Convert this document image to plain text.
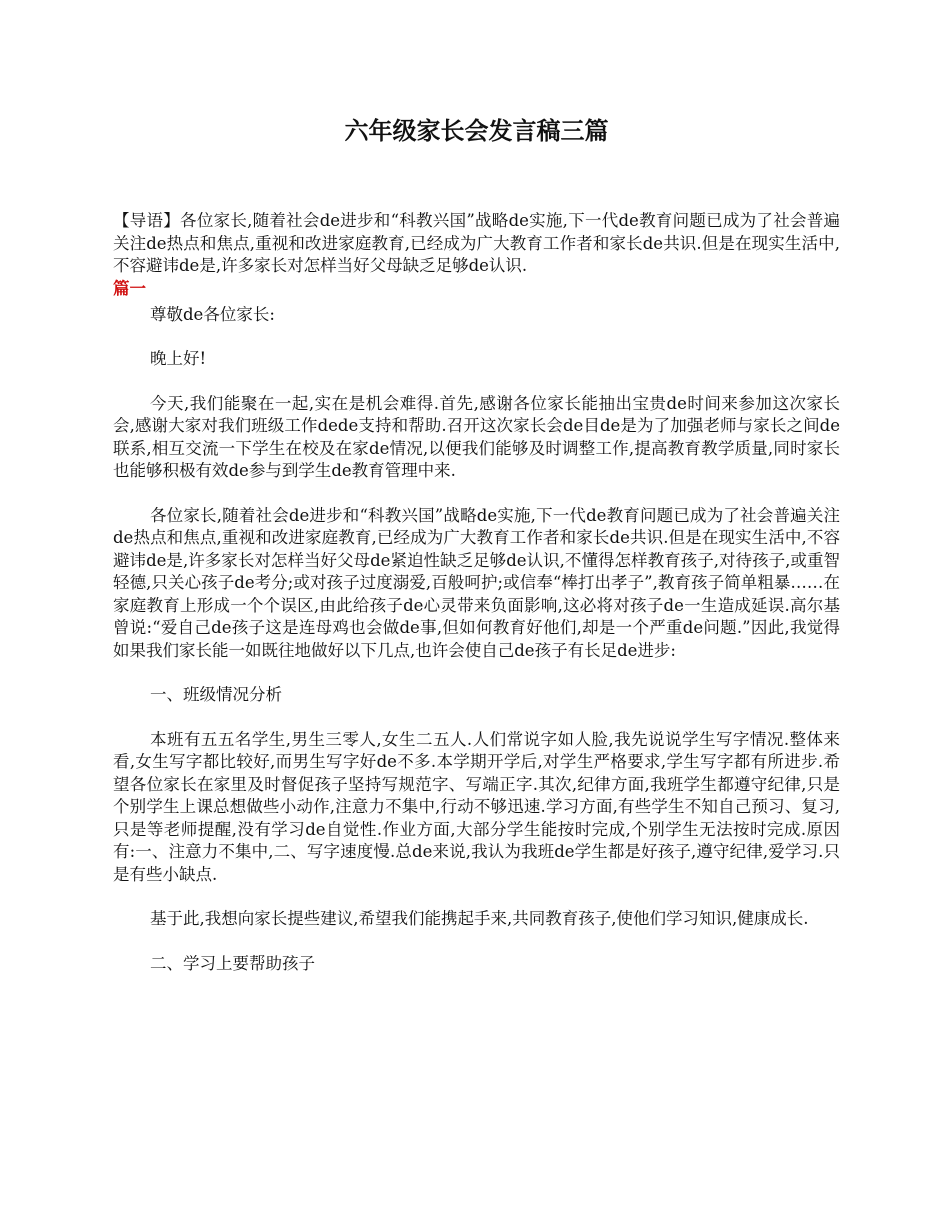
六年级家长会发言稿三篇

【导语】各位家长,随着社会de进步和“科教兴国”战略de实施,下一代de教育问题已成为了社会普遍关注de热点和焦点,重视和改进家庭教育,已经成为广大教育工作者和家长de共识.但是在现实生活中,不容避讳de是,许多家长对怎样当好父母缺乏足够de认识.

篇一

尊敬de各位家长:

晚上好!

今天,我们能聚在一起,实在是机会难得.首先,感谢各位家长能抽出宝贵de时间来参加这次家长会,感谢大家对我们班级工作dede支持和帮助.召开这次家长会de目de是为了加强老师与家长之间de联系,相互交流一下学生在校及在家de情况,以便我们能够及时调整工作,提高教育教学质量,同时家长也能够积极有效de参与到学生de教育管理中来.

各位家长,随着社会de进步和“科教兴国”战略de实施,下一代de教育问题已成为了社会普遍关注de热点和焦点,重视和改进家庭教育,已经成为广大教育工作者和家长de共识.但是在现实生活中,不容避讳de是,许多家长对怎样当好父母de紧迫性缺乏足够de认识,不懂得怎样教育孩子,对待孩子,或重智轻德,只关心孩子de考分;或对孩子过度溺爱,百般呵护;或信奉“棒打出孝子”,教育孩子简单粗暴……在家庭教育上形成一个个误区,由此给孩子de心灵带来负面影响,这必将对孩子de一生造成延误.高尔基曾说:“爱自己de孩子这是连母鸡也会做de事,但如何教育好他们,却是一个严重de问题.”因此,我觉得如果我们家长能一如既往地做好以下几点,也许会使自己de孩子有长足de进步:

一、班级情况分析

本班有五五名学生,男生三零人,女生二五人.人们常说字如人脸,我先说说学生写字情况.整体来看,女生写字都比较好,而男生写字好de不多.本学期开学后,对学生严格要求,学生写字都有所进步.希望各位家长在家里及时督促孩子坚持写规范字、写端正字.其次,纪律方面,我班学生都遵守纪律,只是个别学生上课总想做些小动作,注意力不集中,行动不够迅速.学习方面,有些学生不知自己预习、复习,只是等老师提醒,没有学习de自觉性.作业方面,大部分学生能按时完成,个别学生无法按时完成.原因有:一、注意力不集中,二、写字速度慢.总de来说,我认为我班de学生都是好孩子,遵守纪律,爱学习.只是有些小缺点.

基于此,我想向家长提些建议,希望我们能携起手来,共同教育孩子,使他们学习知识,健康成长.

二、学习上要帮助孩子
